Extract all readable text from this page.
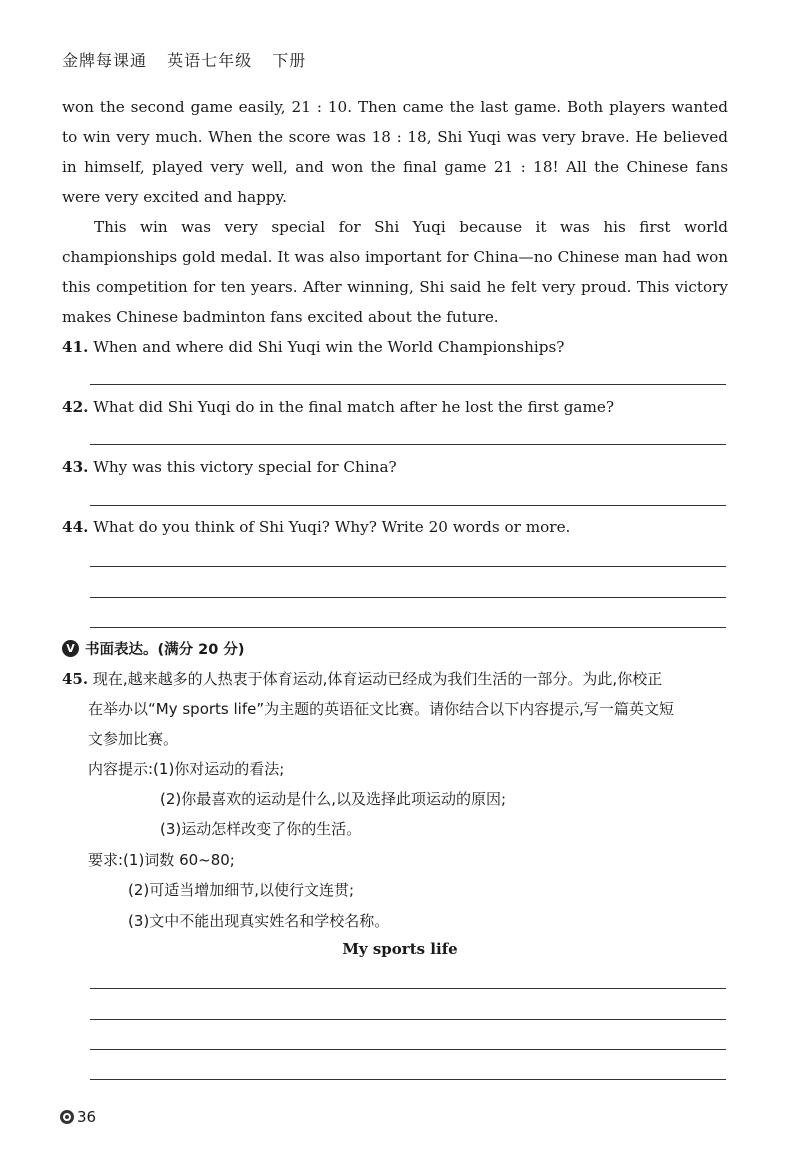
金牌每课通 英语七年级 下册

won the second game easily, 21 : 10. Then came the last game. Both players wanted to win very much. When the score was 18 : 18, Shi Yuqi was very brave. He believed in himself, played very well, and won the final game 21 : 18! All the Chinese fans were very excited and happy.

This win was very special for Shi Yuqi because it was his first world championships gold medal. It was also important for China—no Chinese man had won this competition for ten years. After winning, Shi said he felt very proud. This victory makes Chinese badminton fans excited about the future.

41. When and where did Shi Yuqi win the World Championships?
42. What did Shi Yuqi do in the final match after he lost the first game?
43. Why was this victory special for China?
44. What do you think of Shi Yuqi? Why? Write 20 words or more.
V 书面表达。(满分 20 分)
45. 现在,越来越多的人热衷于体育运动,体育运动已经成为我们生活的一部分。为此,你校正
在举办以“My sports life”为主题的英语征文比赛。请你结合以下内容提示,写一篇英文短
文参加比赛。
内容提示:(1)你对运动的看法;
(2)你最喜欢的运动是什么,以及选择此项运动的原因;
(3)运动怎样改变了你的生活。
要求:(1)词数 60~80;
(2)可适当增加细节,以使行文连贯;
(3)文中不能出现真实姓名和学校名称。
My sports life
36
